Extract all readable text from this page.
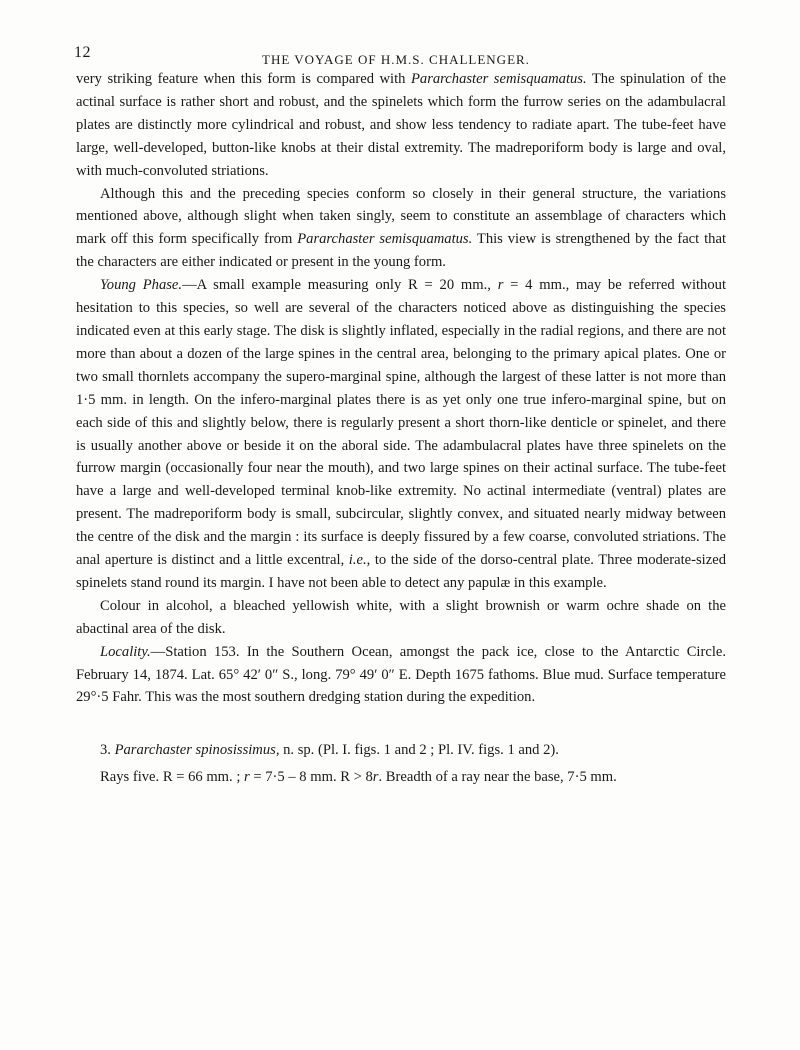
12	THE VOYAGE OF H.M.S. CHALLENGER.

very striking feature when this form is compared with Pararchaster semisquamatus. The spinulation of the actinal surface is rather short and robust, and the spinelets which form the furrow series on the adambulacral plates are distinctly more cylindrical and robust, and show less tendency to radiate apart. The tube-feet have large, well-developed, button-like knobs at their distal extremity. The madreporiform body is large and oval, with much-convoluted striations.

Although this and the preceding species conform so closely in their general structure, the variations mentioned above, although slight when taken singly, seem to constitute an assemblage of characters which mark off this form specifically from Pararchaster semisquamatus. This view is strengthened by the fact that the characters are either indicated or present in the young form.

Young Phase.—A small example measuring only R = 20 mm., r = 4 mm., may be referred without hesitation to this species, so well are several of the characters noticed above as distinguishing the species indicated even at this early stage. The disk is slightly inflated, especially in the radial regions, and there are not more than about a dozen of the large spines in the central area, belonging to the primary apical plates. One or two small thornlets accompany the supero-marginal spine, although the largest of these latter is not more than 1·5 mm. in length. On the infero-marginal plates there is as yet only one true infero-marginal spine, but on each side of this and slightly below, there is regularly present a short thorn-like denticle or spinelet, and there is usually another above or beside it on the aboral side. The adambulacral plates have three spinelets on the furrow margin (occasionally four near the mouth), and two large spines on their actinal surface. The tube-feet have a large and well-developed terminal knob-like extremity. No actinal intermediate (ventral) plates are present. The madreporiform body is small, subcircular, slightly convex, and situated nearly midway between the centre of the disk and the margin : its surface is deeply fissured by a few coarse, convoluted striations. The anal aperture is distinct and a little excentral, i.e., to the side of the dorso-central plate. Three moderate-sized spinelets stand round its margin. I have not been able to detect any papulæ in this example.

Colour in alcohol, a bleached yellowish white, with a slight brownish or warm ochre shade on the abactinal area of the disk.

Locality.—Station 153. In the Southern Ocean, amongst the pack ice, close to the Antarctic Circle. February 14, 1874. Lat. 65° 42′ 0″ S., long. 79° 49′ 0″ E. Depth 1675 fathoms. Blue mud. Surface temperature 29°·5 Fahr. This was the most southern dredging station during the expedition.

3. Pararchaster spinosissimus, n. sp. (Pl. I. figs. 1 and 2 ; Pl. IV. figs. 1 and 2).

Rays five. R = 66 mm. ; r = 7·5 – 8 mm. R > 8r. Breadth of a ray near the base, 7·5 mm.
